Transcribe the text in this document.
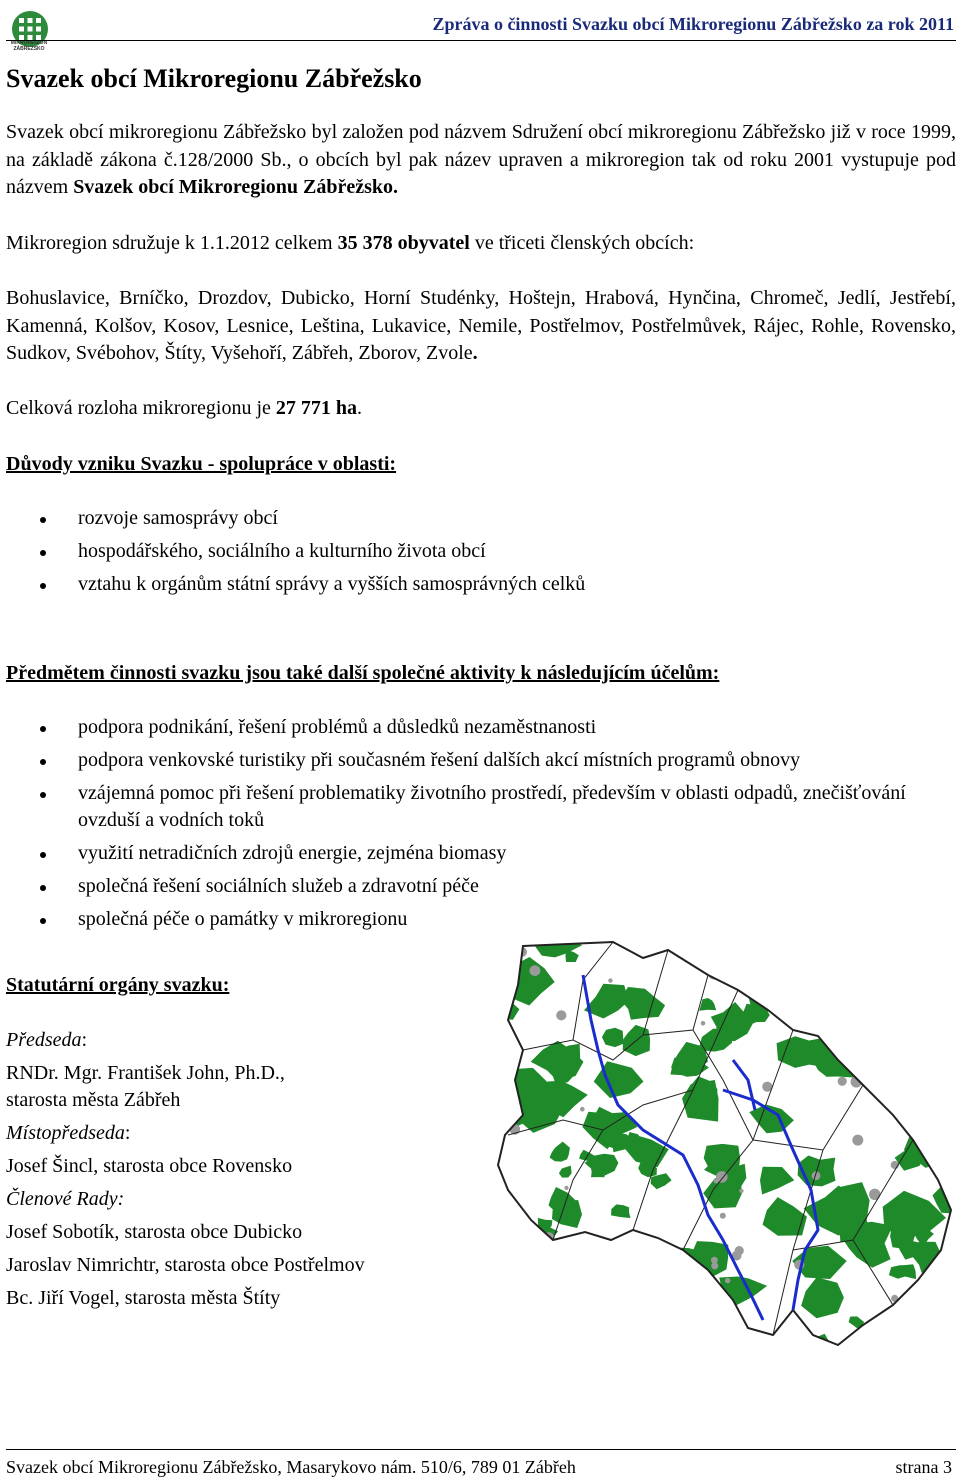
MIKROREGION
ZÁBŘEŽSKO
Zpráva o činnosti Svazku obcí Mikroregionu Zábřežsko za rok 2011
Svazek obcí Mikroregionu Zábřežsko

Svazek obcí mikroregionu Zábřežsko byl založen pod názvem Sdružení obcí mikroregionu Zábřežsko již v roce 1999, na základě zákona č.128/2000 Sb., o obcích byl pak název upraven a mikroregion tak od roku 2001 vystupuje pod názvem Svazek obcí Mikroregionu Zábřežsko.

Mikroregion sdružuje k 1.1.2012 celkem 35 378 obyvatel ve třiceti členských obcích:

Bohuslavice, Brníčko, Drozdov, Dubicko, Horní Studénky, Hoštejn, Hrabová, Hynčina, Chromeč, Jedlí, Jestřebí, Kamenná, Kolšov, Kosov, Lesnice, Leština, Lukavice, Nemile, Postřelmov, Postřelmůvek, Rájec, Rohle, Rovensko, Sudkov, Svébohov, Štíty, Vyšehoří, Zábřeh, Zborov, Zvole.

Celková rozloha mikroregionu je 27 771 ha.

Důvody vzniku Svazku - spolupráce v oblasti:

rozvoje samosprávy obcí
hospodářského, sociálního a kulturního života obcí
vztahu k orgánům státní správy a vyšších samosprávných celků

Předmětem činnosti svazku jsou také další společné aktivity k následujícím účelům:

podpora podnikání, řešení problémů a důsledků nezaměstnanosti
podpora venkovské turistiky při současném řešení dalších akcí místních programů obnovy
vzájemná pomoc při řešení problematiky životního prostředí, především v oblasti odpadů, znečišťování ovzduší a vodních toků
využití netradičních zdrojů energie, zejména biomasy
společná řešení sociálních služeb a zdravotní péče
společná péče o památky v mikroregionu

Statutární orgány svazku:

Předseda:
RNDr. Mgr. František John, Ph.D.,
starosta města Zábřeh
Místopředseda:
Josef Šincl, starosta obce Rovensko
Členové Rady:
Josef Sobotík, starosta obce Dubicko
Jaroslav Nimrichtr, starosta obce Postřelmov
Bc. Jiří Vogel, starosta města Štíty
Svazek obcí Mikroregionu Zábřežsko, Masarykovo nám. 510/6, 789 01 Zábřeh	strana 3
